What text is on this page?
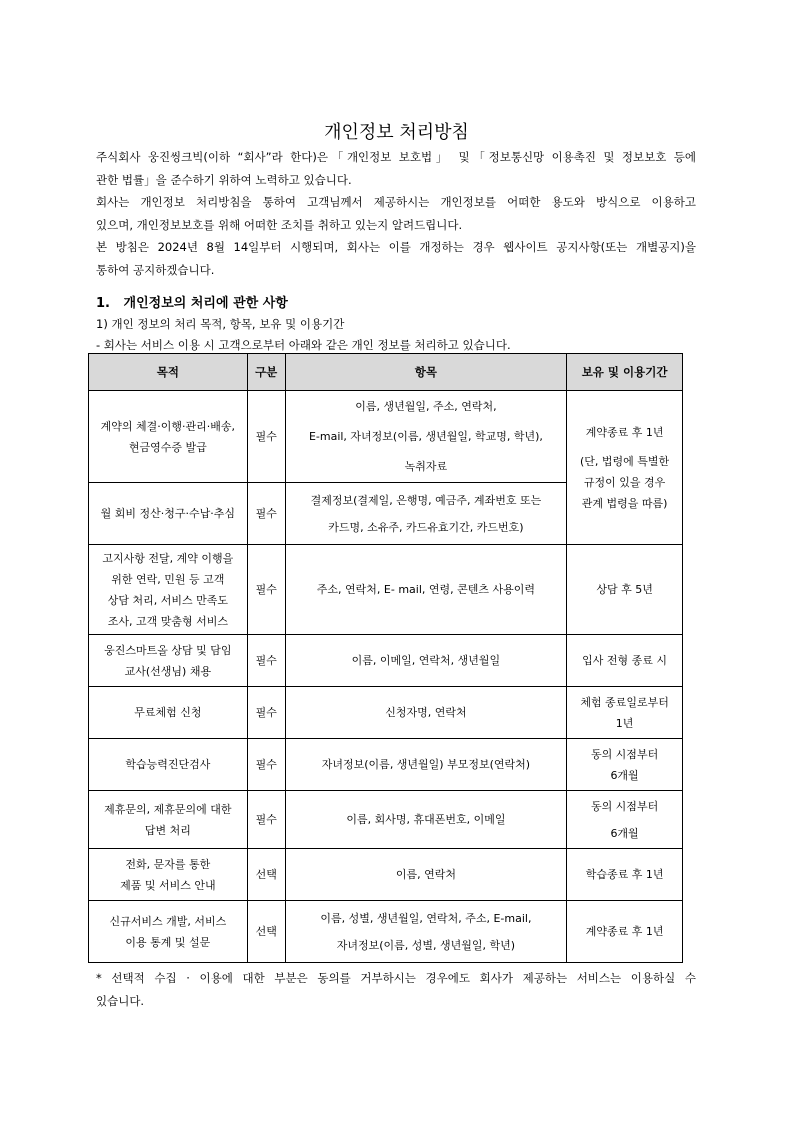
개인정보 처리방침

주식회사 웅진씽크빅(이하 “회사”라 한다)은「개인정보 보호법」 및「정보통신망 이용촉진 및 정보보호 등에

관한 법률」을 준수하기 위하여 노력하고 있습니다.

회사는 개인정보 처리방침을 통하여 고객님께서 제공하시는 개인정보를 어떠한 용도와 방식으로 이용하고

있으며, 개인정보보호를 위해 어떠한 조치를 취하고 있는지 알려드립니다.

본 방침은 2024년 8월 14일부터 시행되며, 회사는 이를 개정하는 경우 웹사이트 공지사항(또는 개별공지)을

통하여 공지하겠습니다.

1.   개인정보의 처리에 관한 사항
1) 개인 정보의 처리 목적, 항목, 보유 및 이용기간
- 회사는 서비스 이용 시 고객으로부터 아래와 같은 개인 정보를 처리하고 있습니다.
목적	구분	항목	보유 및 이용기간

계약의 체결·이행·관리·배송,
현금영수증 발급	필수	이름, 생년월일, 주소, 연락처,
E-mail, 자녀정보(이름, 생년월일, 학교명, 학년),
녹취자료	계약종료 후 1년
(단, 법령에 특별한
규정이 있을 경우
관계 법령을 따름)

월 회비 정산·청구·수납·추심	필수	결제정보(결제일, 은행명, 예금주, 계좌번호 또는
카드명, 소유주, 카드유효기간, 카드번호)	

고지사항 전달, 계약 이행을
위한 연락, 민원 등 고객
상담 처리, 서비스 만족도
조사, 고객 맞춤형 서비스	필수	주소, 연락처, E- mail, 연령, 콘텐츠 사용이력	상담 후 5년

웅진스마트올 상담 및 담임
교사(선생님) 채용	필수	이름, 이메일, 연락처, 생년월일	입사 전형 종료 시
무료체험 신청	필수	신청자명, 연락처	체험 종료일로부터
1년

학습능력진단검사	필수	자녀정보(이름, 생년월일) 부모정보(연락처)	동의 시점부터
6개월

제휴문의, 제휴문의에 대한
답변 처리	필수	이름, 회사명, 휴대폰번호, 이메일	동의 시점부터
6개월

전화, 문자를 통한
제품 및 서비스 안내	선택	이름, 연락처	학습종료 후 1년

신규서비스 개발, 서비스
이용 통계 및 설문	선택	이름, 성별, 생년월일, 연락처, 주소, E-mail,
자녀정보(이름, 성별, 생년월일, 학년)	계약종료 후 1년

* 선택적 수집 · 이용에 대한 부분은 동의를 거부하시는 경우에도 회사가 제공하는 서비스는 이용하실 수

있습니다.
